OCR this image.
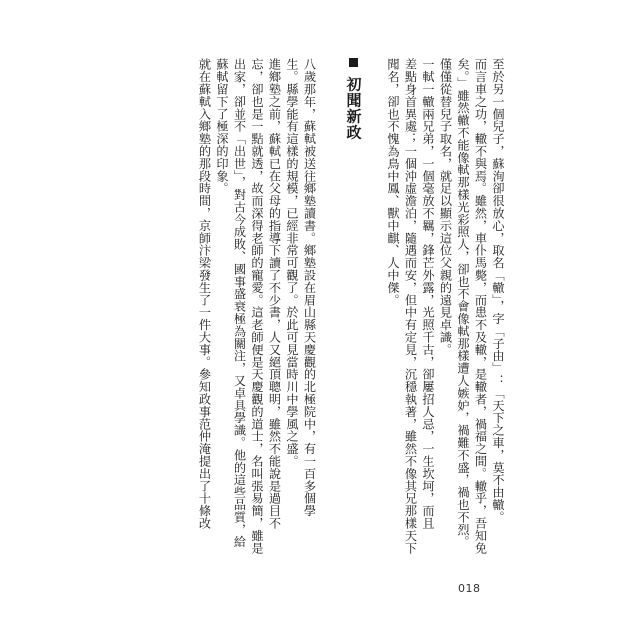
至於另一個兒子，蘇洵卻很放心，取名「轍」，字「子由」：「天下之車，莫不由轍。
而言車之功，轍不與焉。雖然，車仆馬斃，而患不及轍，是轍者，禍福之間。轍乎，吾知免
矣。」雖然轍不能像軾那樣光彩照人，卻也不會像軾那樣遭人嫉妒，禍難不盛，禍也不烈。
僅僅從替兒子取名，就足以顯示這位父親的遠見卓識。
一軾一轍兩兄弟，一個毫放不羈，鋒芒外露，光照千古，卻屢招人忌，一生坎坷，而且
差點身首異處；一個沖虛澹泊，隨遇而安，但中有定見，沉穩執著，雖然不像其兄那樣天下
聞名，卻也不愧為鳥中鳳、獸中麒、人中傑。
初聞新政
八歲那年，蘇軾被送往鄉塾讀書。鄉塾設在眉山縣天慶觀的北極院中，有一百多個學
生。縣學能有這樣的規模，已經非常可觀了。於此可見當時川中學風之盛。
進鄉塾之前，蘇軾已在父母的指導下讀了不少書，人又絕頂聰明，雖然不能說是過目不
忘，卻也是一點就透，故而深得老師的寵愛。這老師便是天慶觀的道士，名叫張易簡，雖是
出家，卻並不「出世」，對古今成敗、國事盛衰極為關注，又卓具學識。他的這些品質，給
蘇軾留下了極深的印象。
就在蘇軾入鄉塾的那段時間，京師汴梁發生了一件大事。參知政事范仲淹提出了十條改
018
